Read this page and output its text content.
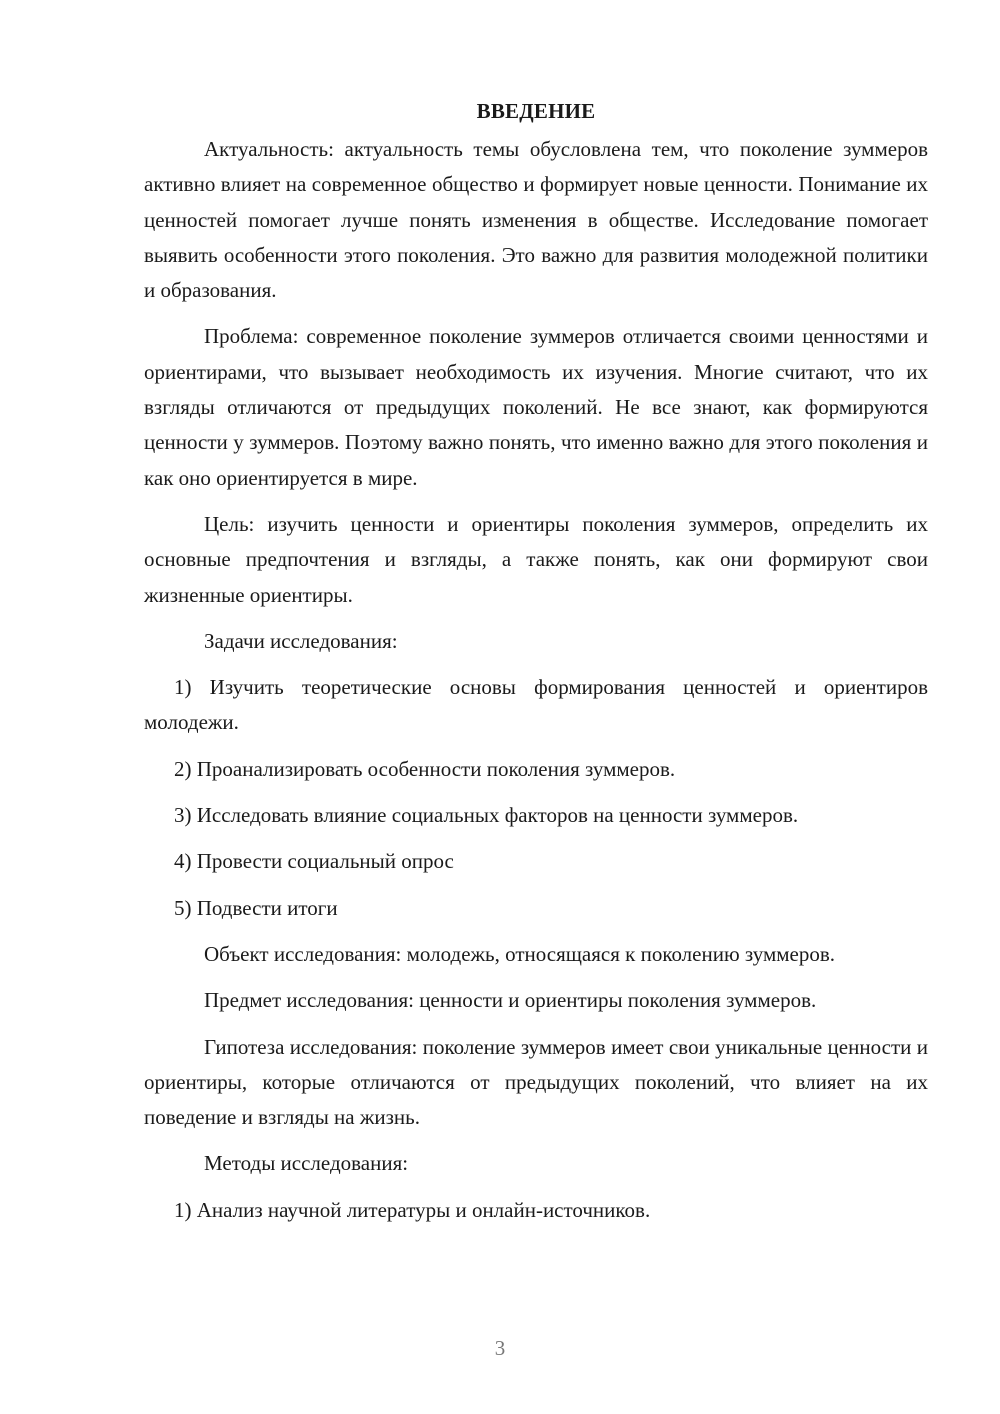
ВВЕДЕНИЕ

Актуальность: актуальность темы обусловлена тем, что поколение зуммеров активно влияет на современное общество и формирует новые ценности. Понимание их ценностей помогает лучше понять изменения в обществе. Исследование помогает выявить особенности этого поколения. Это важно для развития молодежной политики и образования.

Проблема: современное поколение зуммеров отличается своими ценностями и ориентирами, что вызывает необходимость их изучения. Многие считают, что их взгляды отличаются от предыдущих поколений. Не все знают, как формируются ценности у зуммеров. Поэтому важно понять, что именно важно для этого поколения и как оно ориентируется в мире.

Цель: изучить ценности и ориентиры поколения зуммеров, определить их основные предпочтения и взгляды, а также понять, как они формируют свои жизненные ориентиры.

Задачи исследования:

1) Изучить теоретические основы формирования ценностей и ориентиров молодежи.

2) Проанализировать особенности поколения зуммеров.

3) Исследовать влияние социальных факторов на ценности зуммеров.

4) Провести социальный опрос

5) Подвести итоги

Объект исследования: молодежь, относящаяся к поколению зуммеров.

Предмет исследования: ценности и ориентиры поколения зуммеров.

Гипотеза исследования: поколение зуммеров имеет свои уникальные ценности и ориентиры, которые отличаются от предыдущих поколений, что влияет на их поведение и взгляды на жизнь.

Методы исследования:

1) Анализ научной литературы и онлайн-источников.

3
